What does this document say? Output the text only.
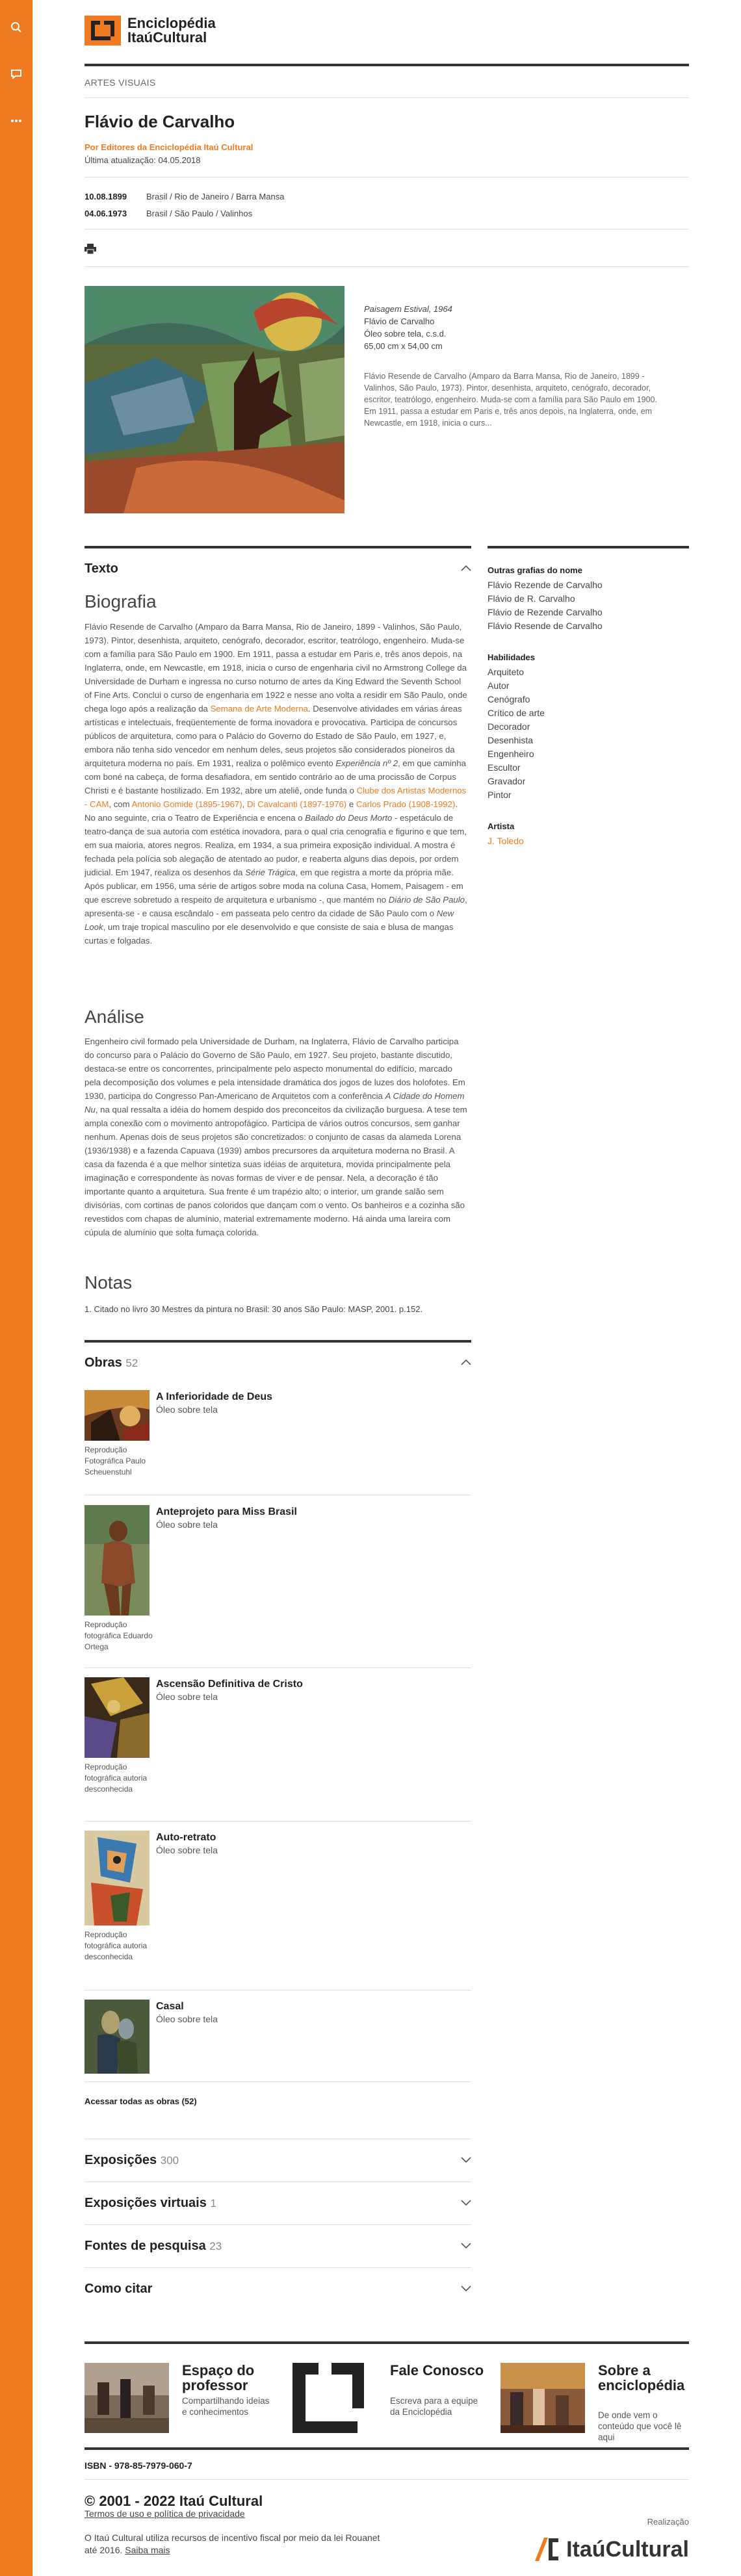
Enciclopédia
ItaúCultural
ARTES VISUAIS
Flávio de Carvalho
Por Editores da Enciclopédia Itaú Cultural
Última atualização: 04.05.2018
10.08.1899 Brasil / Rio de Janeiro / Barra Mansa
04.06.1973 Brasil / São Paulo / Valinhos
Paisagem Estival, 1964
Flávio de Carvalho
Óleo sobre tela, c.s.d.
65,00 cm x 54,00 cm
Flávio Resende de Carvalho (Amparo da Barra Mansa, Rio de Janeiro, 1899 - Valinhos, São Paulo, 1973). Pintor, desenhista, arquiteto, cenógrafo, decorador, escritor, teatrólogo, engenheiro. Muda-se com a família para São Paulo em 1900. Em 1911, passa a estudar em Paris e, três anos depois, na Inglaterra, onde, em Newcastle, em 1918, inicia o curs...
Texto
Biografia

Flávio Resende de Carvalho (Amparo da Barra Mansa, Rio de Janeiro, 1899 - Valinhos, São Paulo, 1973). Pintor, desenhista, arquiteto, cenógrafo, decorador, escritor, teatrólogo, engenheiro. Muda-se com a família para São Paulo em 1900. Em 1911, passa a estudar em Paris e, três anos depois, na Inglaterra, onde, em Newcastle, em 1918, inicia o curso de engenharia civil no Armstrong College da Universidade de Durham e ingressa no curso noturno de artes da King Edward the Seventh School of Fine Arts. Conclui o curso de engenharia em 1922 e nesse ano volta a residir em São Paulo, onde chega logo após a realização da Semana de Arte Moderna. Desenvolve atividades em várias áreas artísticas e intelectuais, freqüentemente de forma inovadora e provocativa. Participa de concursos públicos de arquitetura, como para o Palácio do Governo do Estado de São Paulo, em 1927, e, embora não tenha sido vencedor em nenhum deles, seus projetos são considerados pioneiros da arquitetura moderna no país. Em 1931, realiza o polêmico evento Experiência nº 2, em que caminha com boné na cabeça, de forma desafiadora, em sentido contrário ao de uma procissão de Corpus Christi e é bastante hostilizado. Em 1932, abre um ateliê, onde funda o Clube dos Artistas Modernos - CAM, com Antonio Gomide (1895-1967), Di Cavalcanti (1897-1976) e Carlos Prado (1908-1992). No ano seguinte, cria o Teatro de Experiência e encena o Bailado do Deus Morto - espetáculo de teatro-dança de sua autoria com estética inovadora, para o qual cria cenografia e figurino e que tem, em sua maioria, atores negros. Realiza, em 1934, a sua primeira exposição individual. A mostra é fechada pela polícia sob alegação de atentado ao pudor, e reaberta alguns dias depois, por ordem judicial. Em 1947, realiza os desenhos da Série Trágica, em que registra a morte da própria mãe. Após publicar, em 1956, uma série de artigos sobre moda na coluna Casa, Homem, Paisagem - em que escreve sobretudo a respeito de arquitetura e urbanismo -, que mantém no Diário de São Paulo, apresenta-se - e causa escândalo - em passeata pelo centro da cidade de São Paulo com o New Look, um traje tropical masculino por ele desenvolvido e que consiste de saia e blusa de mangas curtas e folgadas.

Análise

Engenheiro civil formado pela Universidade de Durham, na Inglaterra, Flávio de Carvalho participa do concurso para o Palácio do Governo de São Paulo, em 1927. Seu projeto, bastante discutido, destaca-se entre os concorrentes, principalmente pelo aspecto monumental do edifício, marcado pela decomposição dos volumes e pela intensidade dramática dos jogos de luzes dos holofotes. Em 1930, participa do Congresso Pan-Americano de Arquitetos com a conferência A Cidade do Homem Nu, na qual ressalta a idéia do homem despido dos preconceitos da civilização burguesa. A tese tem ampla conexão com o movimento antropofágico. Participa de vários outros concursos, sem ganhar nenhum. Apenas dois de seus projetos são concretizados: o conjunto de casas da alameda Lorena (1936/1938) e a fazenda Capuava (1939) ambos precursores da arquitetura moderna no Brasil. A casa da fazenda é a que melhor sintetiza suas idéias de arquitetura, movida principalmente pela imaginação e correspondente às novas formas de viver e de pensar. Nela, a decoração é tão importante quanto a arquitetura. Sua frente é um trapézio alto; o interior, um grande salão sem divisórias, com cortinas de panos coloridos que dançam com o vento. Os banheiros e a cozinha são revestidos com chapas de alumínio, material extremamente moderno. Há ainda uma lareira com cúpula de alumínio que solta fumaça colorida.

Notas
1. Citado no livro 30 Mestres da pintura no Brasil: 30 anos São Paulo: MASP, 2001. p.152.
Outras grafias do nome
Flávio Rezende de Carvalho
Flávio de R. Carvalho
Flávio de Rezende Carvalho
Flávio Resende de Carvalho
Habilidades
Arquiteto
Autor
Cenógrafo
Crítico de arte
Decorador
Desenhista
Engenheiro
Escultor
Gravador
Pintor
Artista
J. Toledo
Obras 52
A Inferioridade de Deus
Óleo sobre tela
Reprodução Fotográfica Paulo Scheuenstuhl
Anteprojeto para Miss Brasil
Óleo sobre tela
Reprodução fotográfica Eduardo Ortega
Ascensão Definitiva de Cristo
Óleo sobre tela
Reprodução fotográfica autoria desconhecida
Auto-retrato
Óleo sobre tela
Reprodução fotográfica autoria desconhecida
Casal
Óleo sobre tela
Acessar todas as obras (52)
Exposições 300
Exposições virtuais 1
Fontes de pesquisa 23
Como citar
Espaço do professor
Compartilhando ideias e conhecimentos
Fale Conosco
Escreva para a equipe da Enciclopédia
Sobre a enciclopédia
De onde vem o conteúdo que você lê aqui
ISBN - 978-85-7979-060-7
© 2001 - 2022 Itaú Cultural
Termos de uso e política de privacidade
O Itaú Cultural utiliza recursos de incentivo fiscal por meio da lei Rouanet até 2016. Saiba mais
Realização
ItaúCultural
